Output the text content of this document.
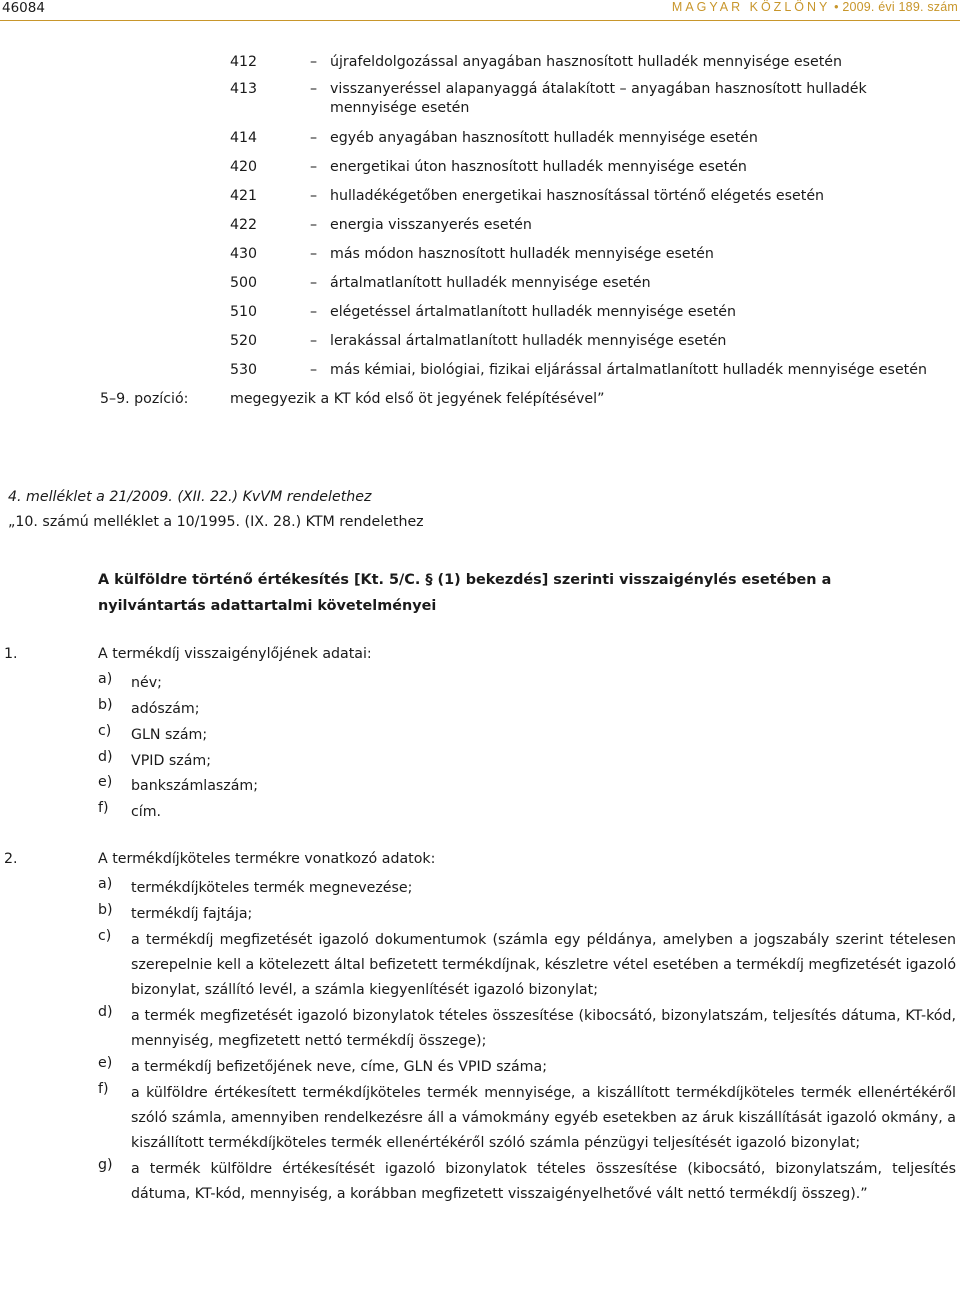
46084	MAGYAR KÖZLÖNY • 2009. évi 189. szám
412	– újrafeldolgozással anyagában hasznosított hulladék mennyisége esetén
413	– visszanyeréssel alapanyaggá átalakított – anyagában hasznosított hulladék mennyisége esetén
414	– egyéb anyagában hasznosított hulladék mennyisége esetén
420	– energetikai úton hasznosított hulladék mennyisége esetén
421	– hulladékégetőben energetikai hasznosítással történő elégetés esetén
422	– energia visszanyerés esetén
430	– más módon hasznosított hulladék mennyisége esetén
500	– ártalmatlanított hulladék mennyisége esetén
510	– elégetéssel ártalmatlanított hulladék mennyisége esetén
520	– lerakással ártalmatlanított hulladék mennyisége esetén
530	– más kémiai, biológiai, fizikai eljárással ártalmatlanított hulladék mennyisége esetén
5–9. pozíció:	megegyezik a KT kód első öt jegyének felépítésével”
4. melléklet a 21/2009. (XII. 22.) KvVM rendelethez
„10. számú melléklet a 10/1995. (IX. 28.) KTM rendelethez
A külföldre történő értékesítés [Kt. 5/C. § (1) bekezdés] szerinti visszaigénylés esetében a nyilvántartás adattartalmi követelményei
1.	A termékdíj visszaigénylőjének adatai:
a) név;
b) adószám;
c) GLN szám;
d) VPID szám;
e) bankszámlaszám;
f) cím.
2.	A termékdíjköteles termékre vonatkozó adatok:
a) termékdíjköteles termék megnevezése;
b) termékdíj fajtája;
c) a termékdíj megfizetését igazoló dokumentumok (számla egy példánya, amelyben a jogszabály szerint tételesen szerepelnie kell a kötelezett által befizetett termékdíjnak, készletre vétel esetében a termékdíj megfizetését igazoló bizonylat, szállító levél, a számla kiegyenlítését igazoló bizonylat;
d) a termék megfizetését igazoló bizonylatok tételes összesítése (kibocsátó, bizonylatszám, teljesítés dátuma, KT-kód, mennyiség, megfizetett nettó termékdíj összege);
e) a termékdíj befizetőjének neve, címe, GLN és VPID száma;
f) a külföldre értékesített termékdíjköteles termék mennyisége, a kiszállított termékdíjköteles termék ellenértékéről szóló számla, amennyiben rendelkezésre áll a vámokmány egyéb esetekben az áruk kiszállítását igazoló okmány, a kiszállított termékdíjköteles termék ellenértékéről szóló számla pénzügyi teljesítését igazoló bizonylat;
g) a termék külföldre értékesítését igazoló bizonylatok tételes összesítése (kibocsátó, bizonylatszám, teljesítés dátuma, KT-kód, mennyiség, a korábban megfizetett visszaigényelhetővé vált nettó termékdíj összeg).”
